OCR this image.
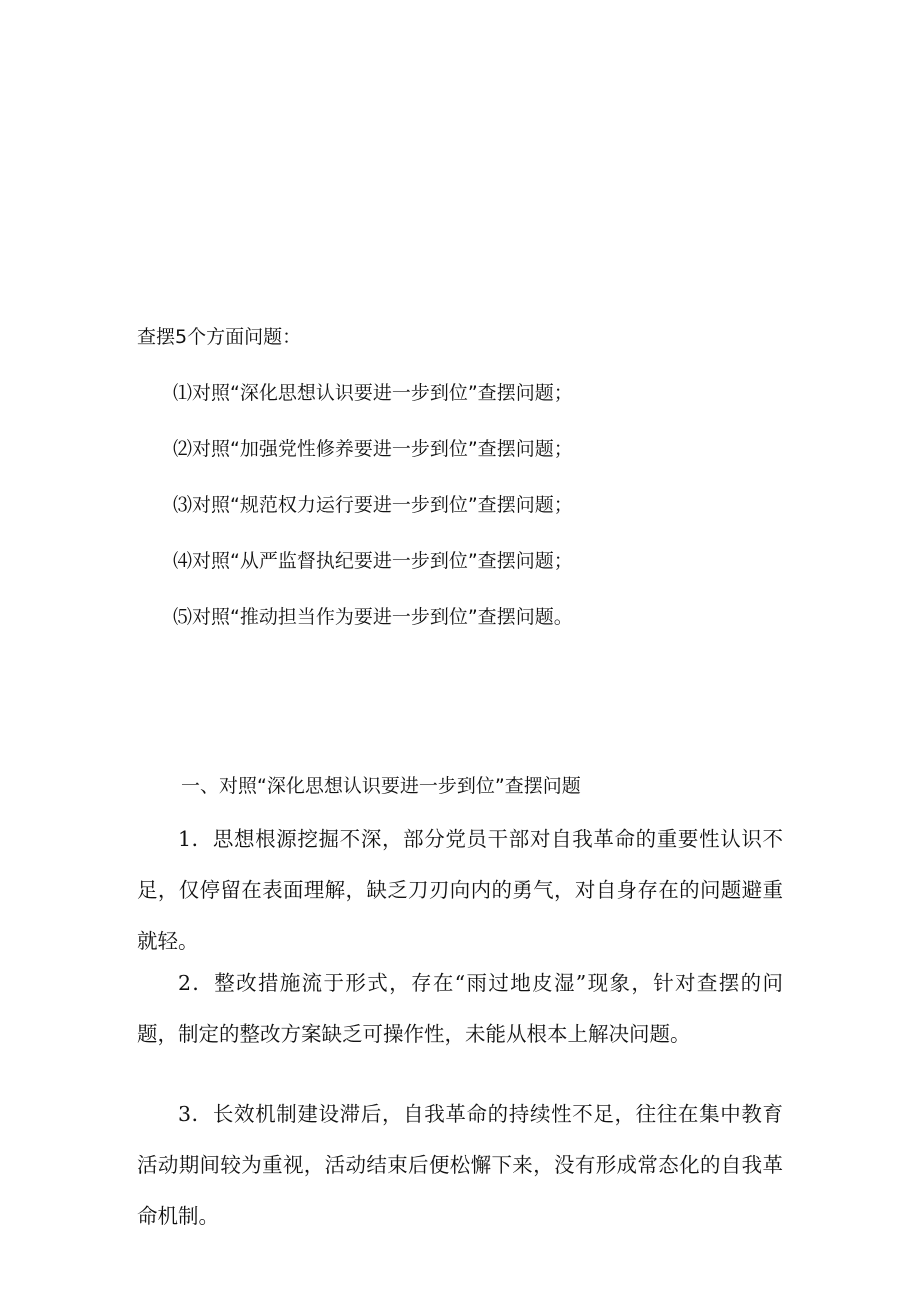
查摆5个方面问题：
⑴对照“深化思想认识要进一步到位”查摆问题；
⑵对照“加强党性修养要进一步到位”查摆问题；
⑶对照“规范权力运行要进一步到位”查摆问题；
⑷对照“从严监督执纪要进一步到位”查摆问题；
⑸对照“推动担当作为要进一步到位”查摆问题。
一、对照“深化思想认识要进一步到位”查摆问题

1．思想根源挖掘不深，部分党员干部对自我革命的重要性认识不足，仅停留在表面理解，缺乏刀刃向内的勇气，对自身存在的问题避重就轻。

2．整改措施流于形式，存在“雨过地皮湿”现象，针对查摆的问题，制定的整改方案缺乏可操作性，未能从根本上解决问题。

3．长效机制建设滞后，自我革命的持续性不足，往往在集中教育活动期间较为重视，活动结束后便松懈下来，没有形成常态化的自我革命机制。
